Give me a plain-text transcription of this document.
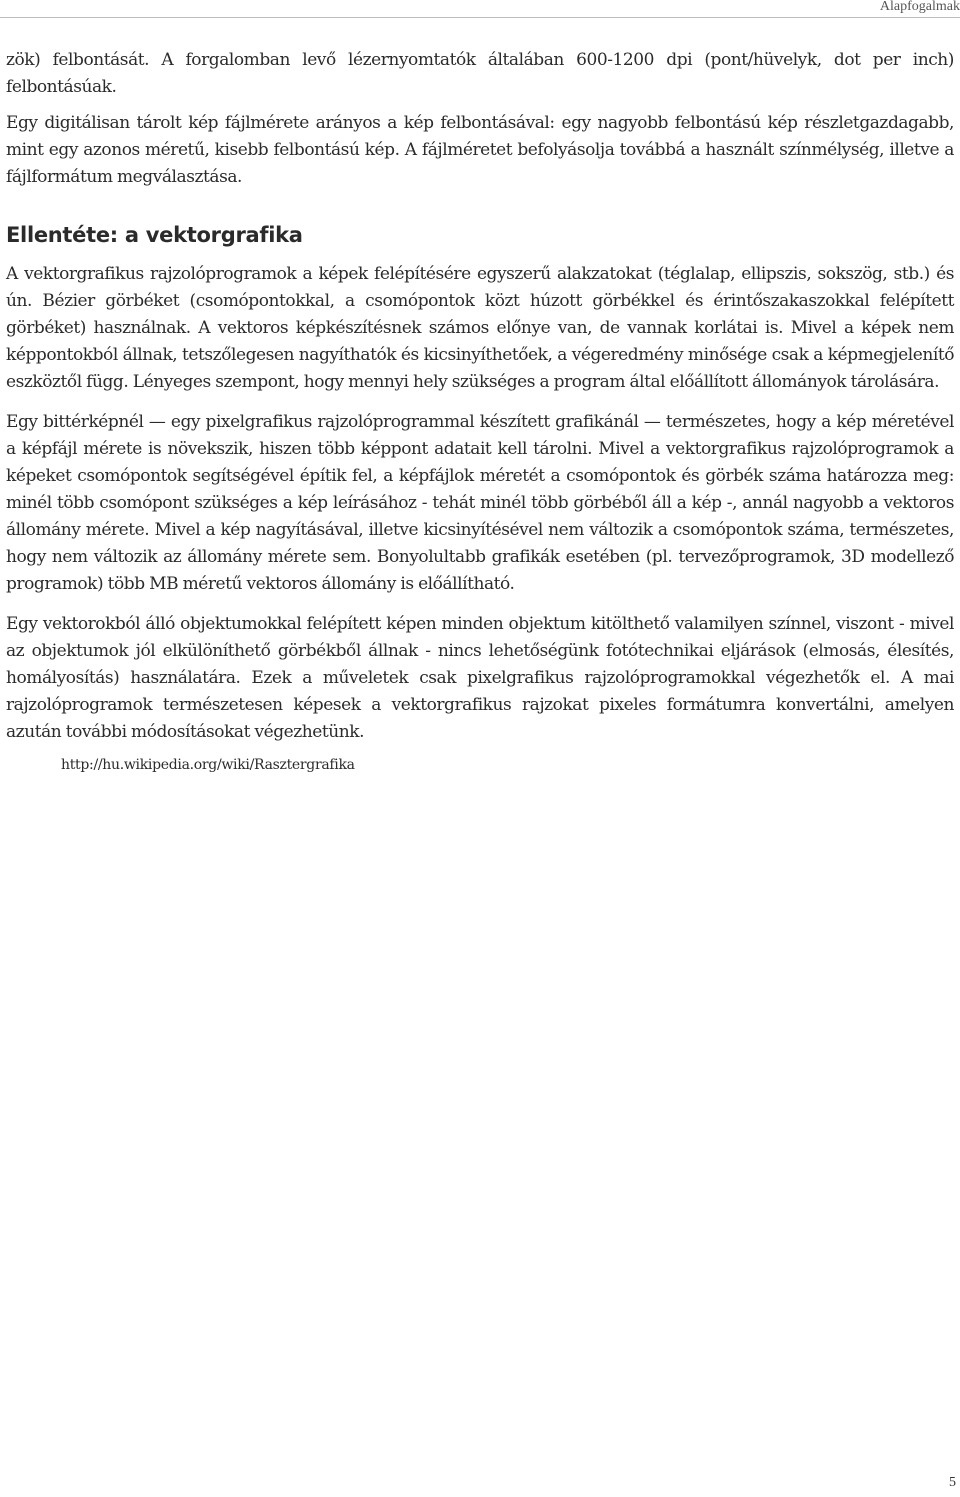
Alapfogalmak

zök) felbontását. A forgalomban levő lézernyomtatók általában 600-1200 dpi (pont/hüvelyk, dot per inch) felbontásúak.

Egy digitálisan tárolt kép fájlmérete arányos a kép felbontásával: egy nagyobb felbontású kép részletgazdagabb, mint egy azonos méretű, kisebb felbontású kép. A fájlméretet befolyásolja továbbá a használt színmélység, illetve a fájlformátum megválasztása.

Ellentéte: a vektorgrafika

A vektorgrafikus rajzolóprogramok a képek felépítésére egyszerű alakzatokat (téglalap, ellipszis, sokszög, stb.) és ún. Bézier görbéket (csomópontokkal, a csomópontok közt húzott görbékkel és érintőszakaszokkal felépített görbéket) használnak. A vektoros képkészítésnek számos előnye van, de vannak korlátai is. Mivel a képek nem képpontokból állnak, tetszőlegesen nagyíthatók és kicsinyíthetőek, a végeredmény minősége csak a képmegjelenítő eszköztől függ. Lényeges szempont, hogy mennyi hely szükséges a program által előállított állományok tárolására.

Egy bittérképnél — egy pixelgrafikus rajzolóprogrammal készített grafikánál — természetes, hogy a kép méretével a képfájl mérete is növekszik, hiszen több képpont adatait kell tárolni. Mivel a vektorgrafikus rajzolóprogramok a képeket csomópontok segítségével építik fel, a képfájlok méretét a csomópontok és görbék száma határozza meg: minél több csomópont szükséges a kép leírásához - tehát minél több görbéből áll a kép -, annál nagyobb a vektoros állomány mérete. Mivel a kép nagyításával, illetve kicsinyítésével nem változik a csomópontok száma, természetes, hogy nem változik az állomány mérete sem. Bonyolultabb grafikák esetében (pl. tervezőprogramok, 3D modellező programok) több MB méretű vektoros állomány is előállítható.

Egy vektorokból álló objektumokkal felépített képen minden objektum kitölthető valamilyen színnel, viszont - mivel az objektumok jól elkülöníthető görbékből állnak - nincs lehetőségünk fotótechnikai eljárások (elmosás, élesítés, homályosítás) használatára. Ezek a műveletek csak pixelgrafikus rajzolóprogramokkal végezhetők el. A mai rajzolóprogramok természetesen képesek a vektorgrafikus rajzokat pixeles formátumra konvertálni, amelyen azután további módosításokat végezhetünk.

http://hu.wikipedia.org/wiki/Rasztergrafika
5
